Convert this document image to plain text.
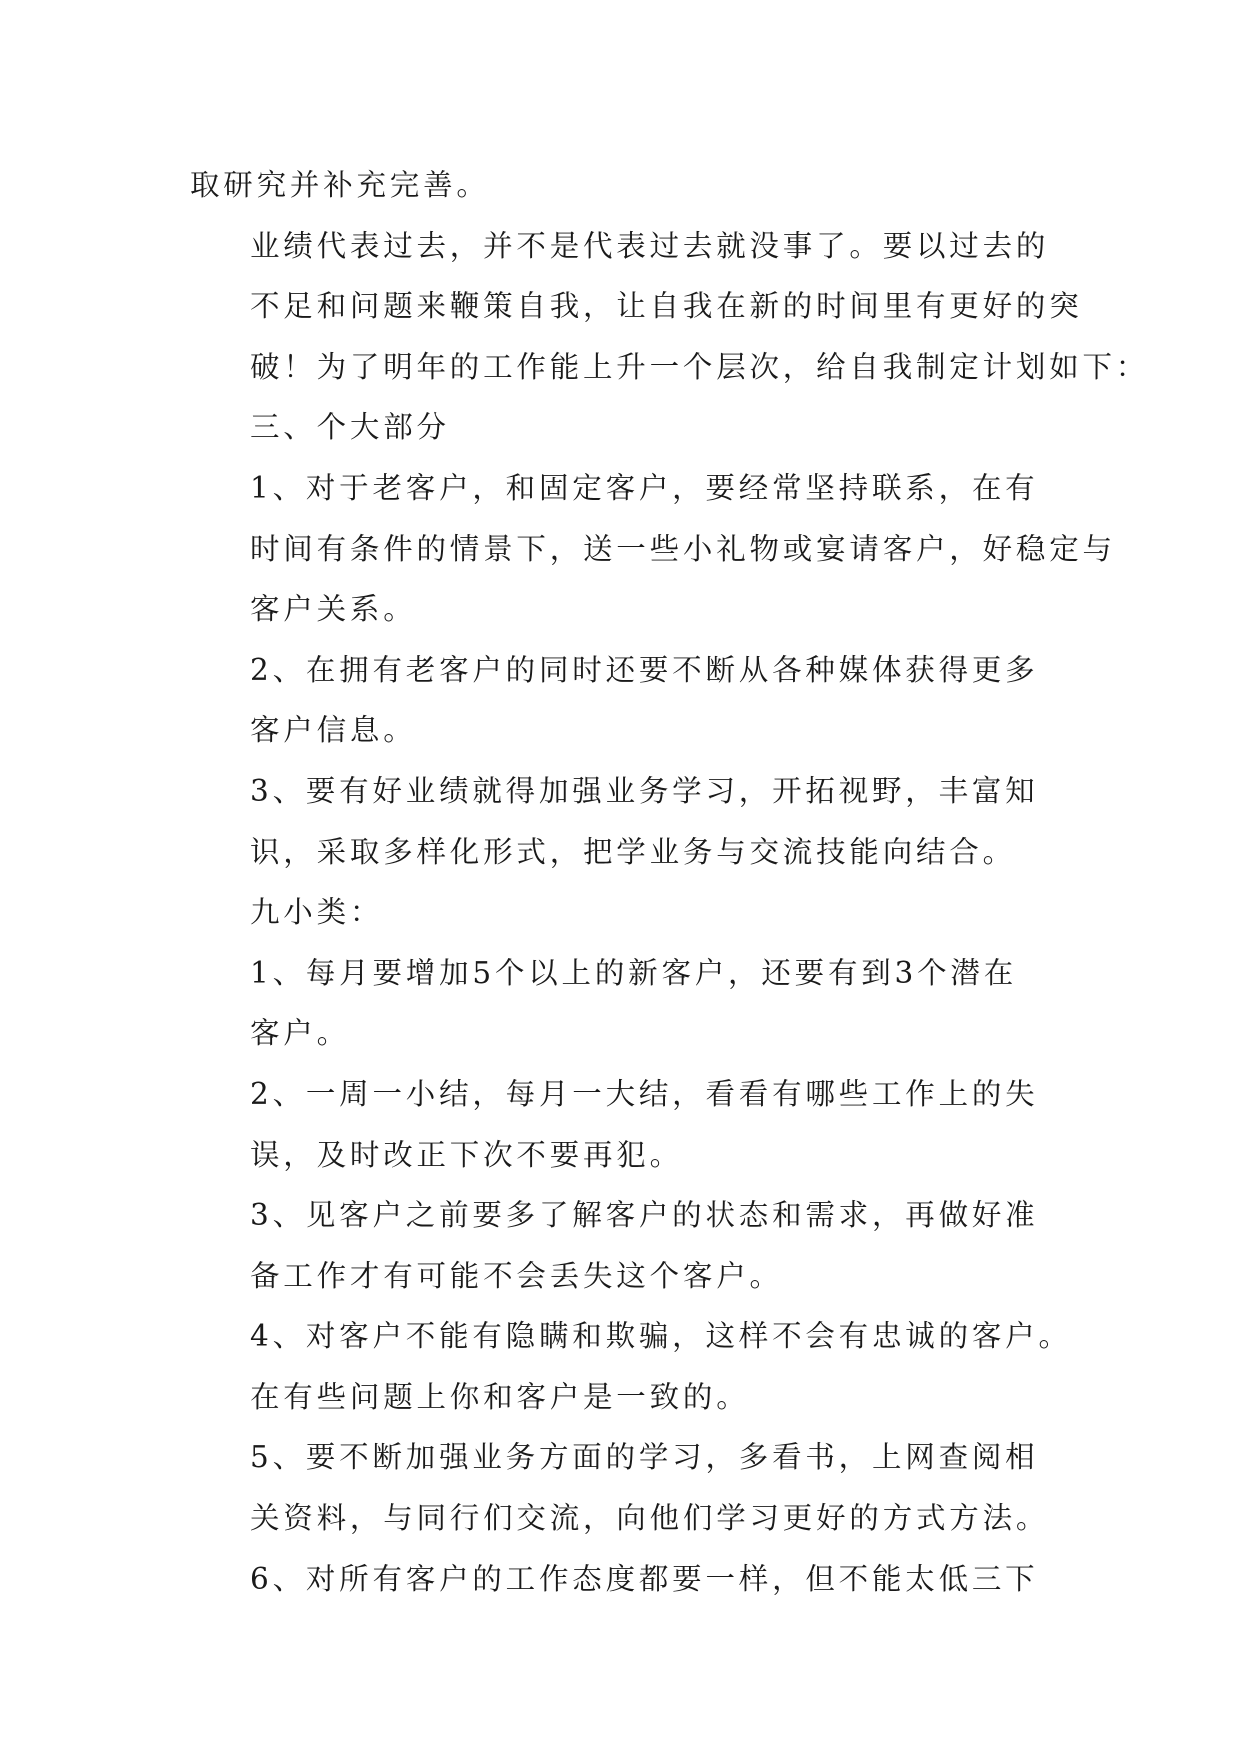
取研究并补充完善。

业绩代表过去，并不是代表过去就没事了。要以过去的
不足和问题来鞭策自我，让自我在新的时间里有更好的突
破！为了明年的工作能上升一个层次，给自我制定计划如下：

三、个大部分

1、对于老客户，和固定客户，要经常坚持联系，在有
时间有条件的情景下，送一些小礼物或宴请客户，好稳定与
客户关系。

2、在拥有老客户的同时还要不断从各种媒体获得更多
客户信息。

3、要有好业绩就得加强业务学习，开拓视野，丰富知
识，采取多样化形式，把学业务与交流技能向结合。

九小类：

1、每月要增加5个以上的新客户，还要有到3个潜在
客户。

2、一周一小结，每月一大结，看看有哪些工作上的失
误，及时改正下次不要再犯。

3、见客户之前要多了解客户的状态和需求，再做好准
备工作才有可能不会丢失这个客户。

4、对客户不能有隐瞒和欺骗，这样不会有忠诚的客户。
在有些问题上你和客户是一致的。

5、要不断加强业务方面的学习，多看书，上网查阅相
关资料，与同行们交流，向他们学习更好的方式方法。

6、对所有客户的工作态度都要一样，但不能太低三下
